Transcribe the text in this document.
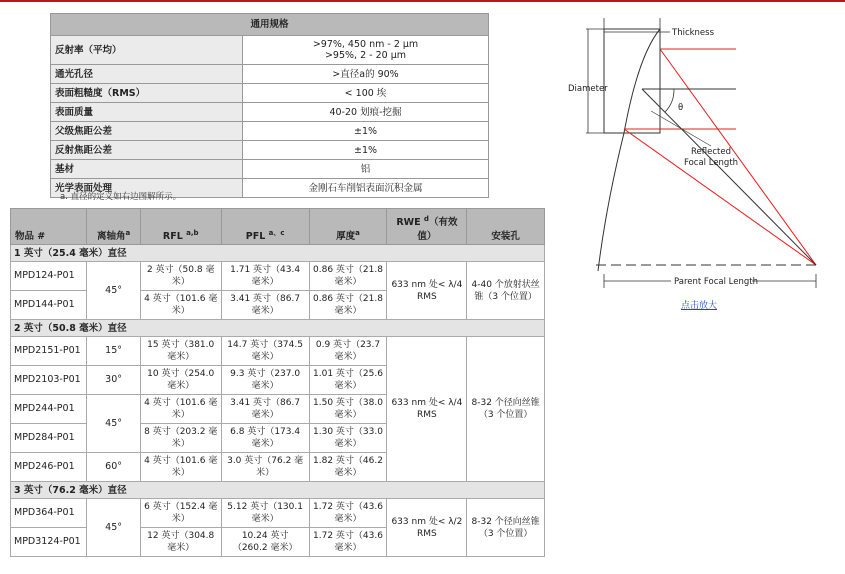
通用规格	
反射率（平均）	>97%, 450 nm - 2 µm
>95%, 2 - 20 µm

通光孔径	>直径a的 90%
表面粗糙度（RMS）	< 100 埃
表面质量	40-20 划痕-挖掘
父级焦距公差	±1%
反射焦距公差	±1%
基材	铝
光学表面处理	金刚石车削铝表面沉积金属
a. 直径的定义如右边图解所示。
物品 #	离轴角$^a$	RFL $^{a,b}$	PFL $^{a、c}$	厚度$^a$	RWE $^d$（有效值）	安装孔
1 英寸（25.4 毫米）直径						
MPD124-P01	45°	2 英寸（50.8 毫米）	1.71 英寸（43.4 毫米）	0.86 英寸（21.8 毫米）	633 nm 处< λ/4 RMS	4-40 个放射状丝锥（3 个位置）
MPD144-P01		4 英寸（101.6 毫米）	3.41 英寸（86.7 毫米）	0.86 英寸（21.8 毫米）		
2 英寸（50.8 毫米）直径						
MPD2151-P01	15°	15 英寸（381.0 毫米）	14.7 英寸（374.5 毫米）	0.9 英寸（23.7 毫米）	633 nm 处< λ/4 RMS	8-32 个径向丝锥（3 个位置）
MPD2103-P01	30°	10 英寸（254.0 毫米）	9.3 英寸（237.0 毫米）	1.01 英寸（25.6 毫米）		
MPD244-P01	45°	4 英寸（101.6 毫米）	3.41 英寸（86.7 毫米）	1.50 英寸（38.0 毫米）		
MPD284-P01		8 英寸（203.2 毫米）	6.8 英寸（173.4 毫米）	1.30 英寸（33.0 毫米）		
MPD246-P01	60°	4 英寸（101.6 毫米）	3.0 英寸（76.2 毫米）	1.82 英寸（46.2 毫米）		
3 英寸（76.2 毫米）直径						
MPD364-P01	45°	6 英寸（152.4 毫米）	5.12 英寸（130.1 毫米）	1.72 英寸（43.6 毫米）	633 nm 处< λ/2 RMS	8-32 个径向丝锥（3 个位置）
MPD3124-P01		12 英寸（304.8 毫米）	10.24 英寸（260.2 毫米）	1.72 英寸（43.6 毫米）		
θ
Thickness
Diameter
Reflected
Focal Length
Parent Focal Length
点击放大
